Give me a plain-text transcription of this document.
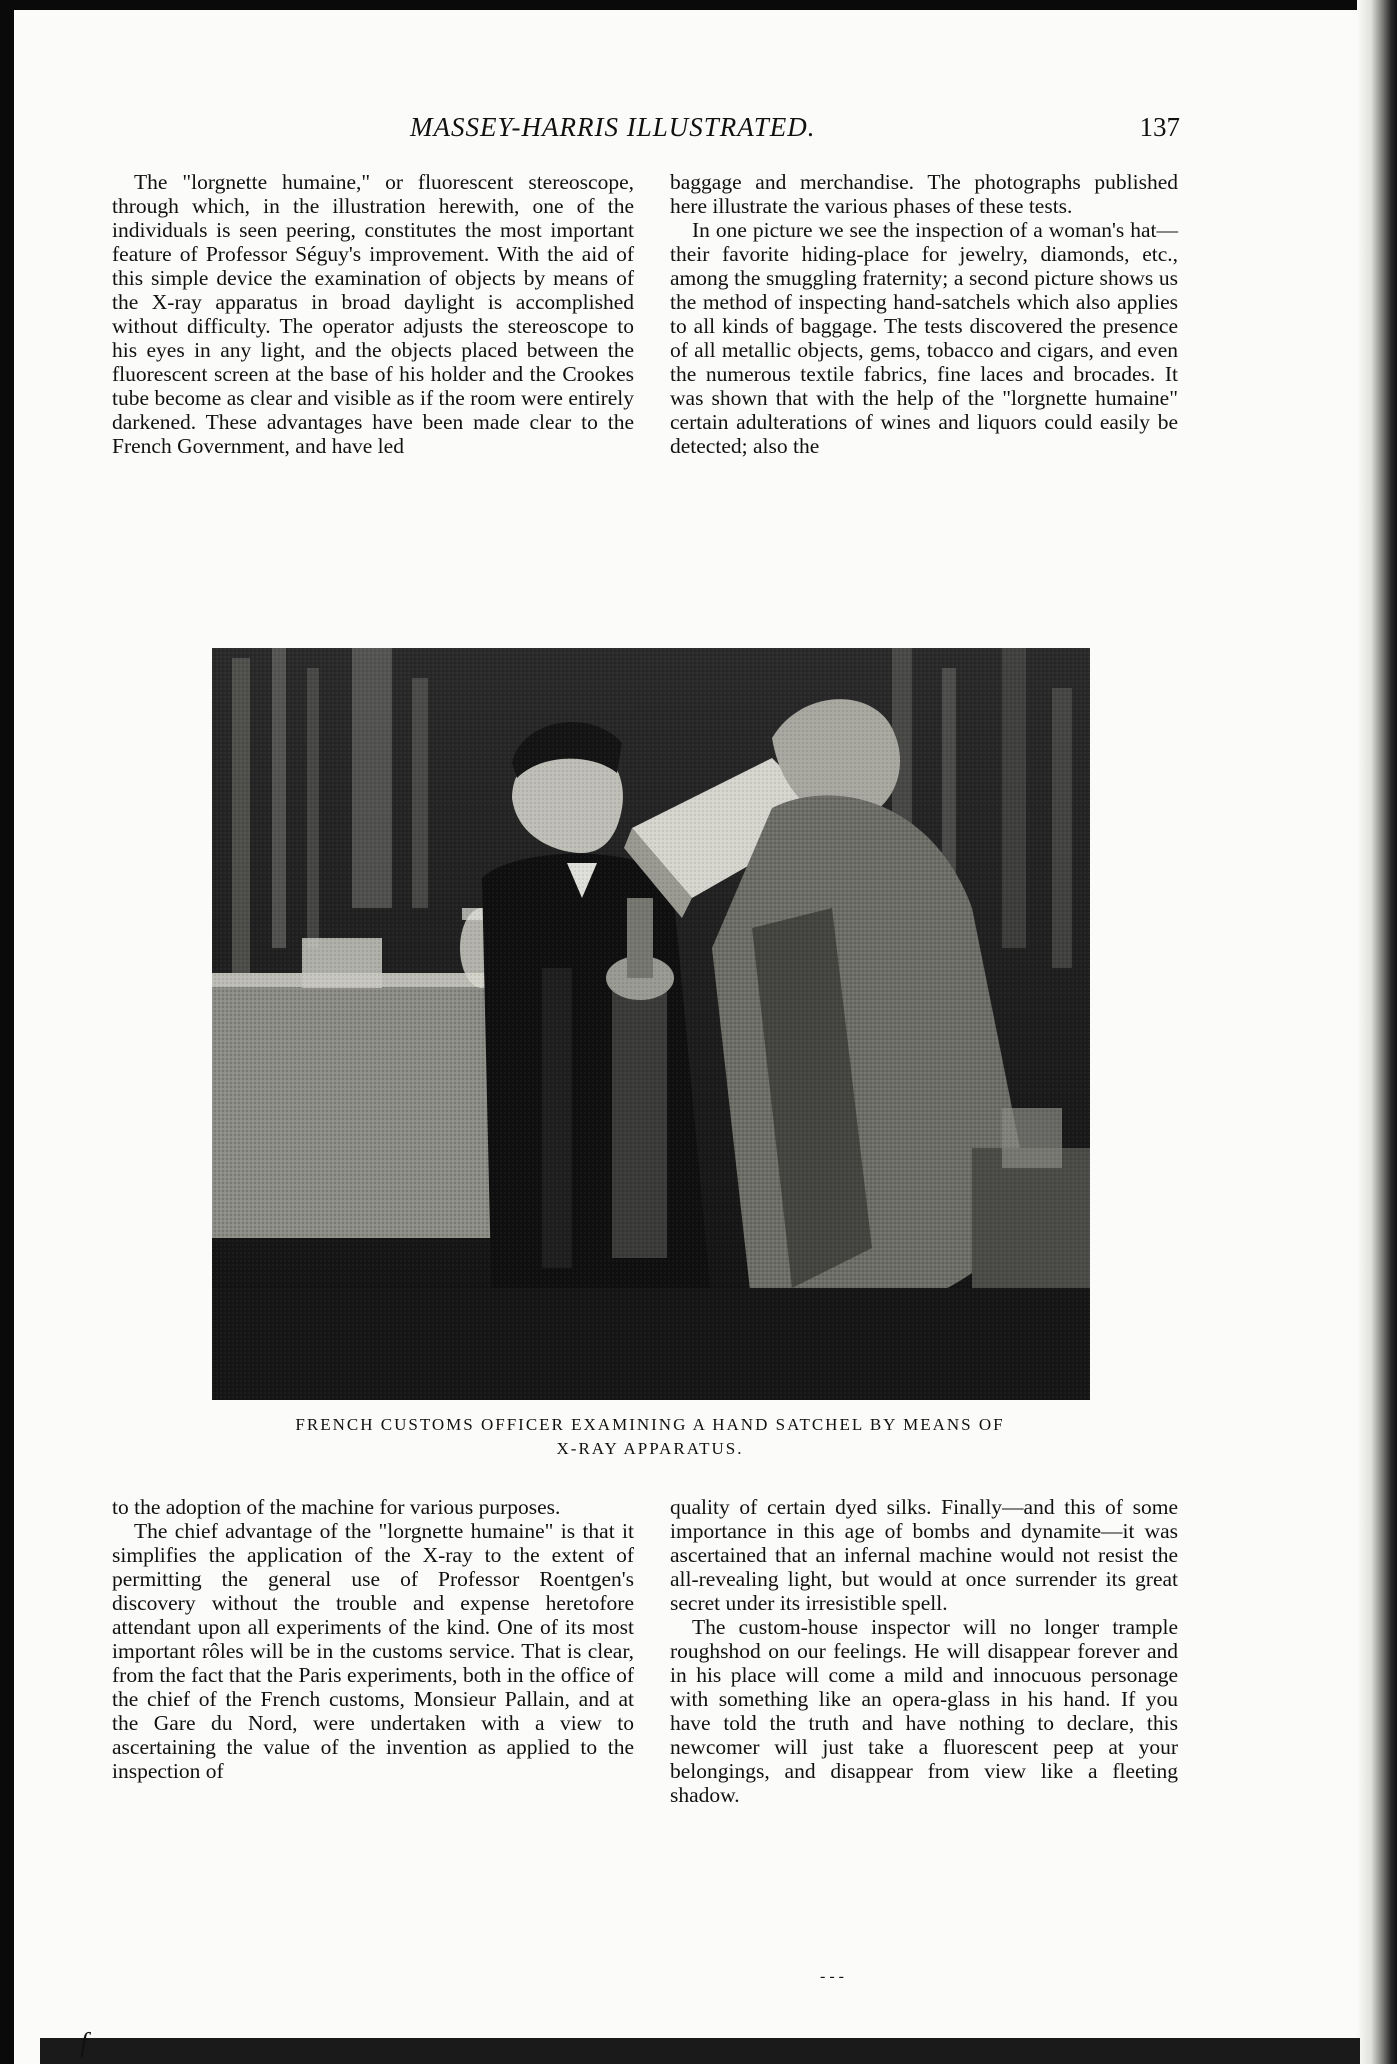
MASSEY-HARRIS ILLUSTRATED.	137

The "lorgnette humaine," or fluorescent stereoscope, through which, in the illustration herewith, one of the individuals is seen peering, constitutes the most important feature of Professor Séguy's improvement. With the aid of this simple device the examination of objects by means of the X-ray apparatus in broad daylight is accomplished without difficulty. The operator adjusts the stereoscope to his eyes in any light, and the objects placed between the fluorescent screen at the base of his holder and the Crookes tube become as clear and visible as if the room were entirely darkened. These advantages have been made clear to the French Government, and have led

baggage and merchandise. The photographs published here illustrate the various phases of these tests.

In one picture we see the inspection of a woman's hat—their favorite hiding-place for jewelry, diamonds, etc., among the smuggling fraternity; a second picture shows us the method of inspecting hand-satchels which also applies to all kinds of baggage. The tests discovered the presence of all metallic objects, gems, tobacco and cigars, and even the numerous textile fabrics, fine laces and brocades. It was shown that with the help of the "lorgnette humaine" certain adulterations of wines and liquors could easily be detected; also the

FRENCH CUSTOMS OFFICER EXAMINING A HAND SATCHEL BY MEANS OF
X-RAY APPARATUS.

to the adoption of the machine for various purposes.

The chief advantage of the "lorgnette humaine" is that it simplifies the application of the X-ray to the extent of permitting the general use of Professor Roentgen's discovery without the trouble and expense heretofore attendant upon all experiments of the kind. One of its most important rôles will be in the customs service. That is clear, from the fact that the Paris experiments, both in the office of the chief of the French customs, Monsieur Pallain, and at the Gare du Nord, were undertaken with a view to ascertaining the value of the invention as applied to the inspection of

quality of certain dyed silks. Finally—and this of some importance in this age of bombs and dynamite—it was ascertained that an infernal machine would not resist the all-revealing light, but would at once surrender its great secret under its irresistible spell.

The custom-house inspector will no longer trample roughshod on our feelings. He will disappear forever and in his place will come a mild and innocuous personage with something like an opera-glass in his hand. If you have told the truth and have nothing to declare, this newcomer will just take a fluorescent peep at your belongings, and disappear from view like a fleeting shadow.

---
f
